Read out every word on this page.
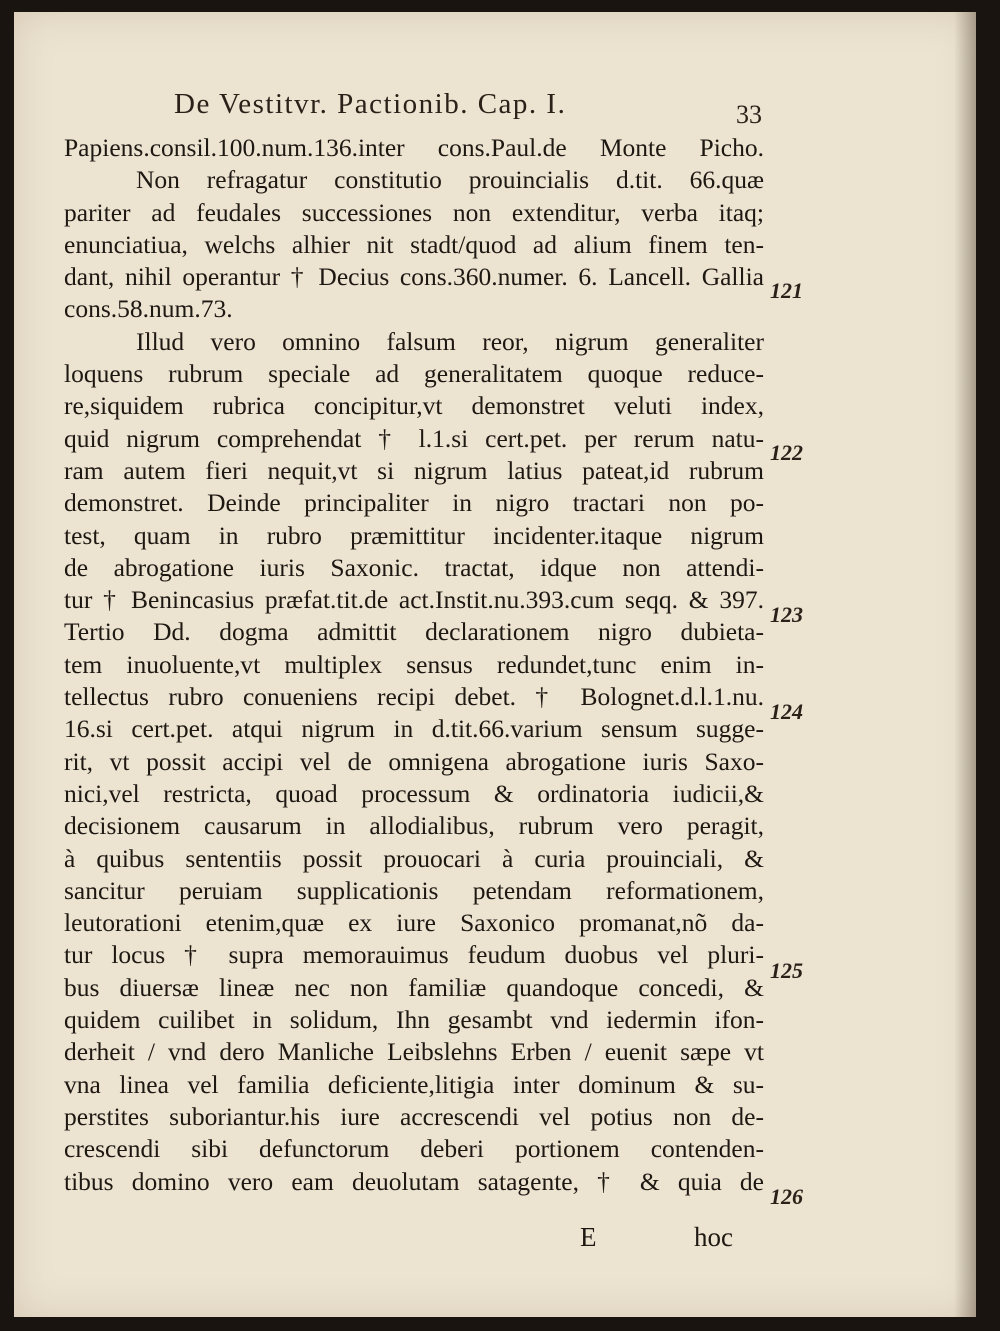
De Vestitvr. Pactionib. Cap. I.	33
Papiens.consil.100.num.136.inter cons.Paul.de Monte Picho.
Non refragatur constitutio prouincialis d.tit. 66.quæ
pariter ad feudales successiones non extenditur, verba itaq;
enunciatiua, welchs alhier nit stadt/quod ad alium finem ten-
dant, nihil operantur † Decius cons.360.numer. 6. Lancell. Gallia
cons.58.num.73.
Illud vero omnino falsum reor, nigrum generaliter
loquens rubrum speciale ad generalitatem quoque reduce-
re,siquidem rubrica concipitur,vt demonstret veluti index,
quid nigrum comprehendat † l.1.si cert.pet. per rerum natu-
ram autem fieri nequit,vt si nigrum latius pateat,id rubrum
demonstret. Deinde principaliter in nigro tractari non po-
test, quam in rubro præmittitur incidenter.itaque nigrum
de abrogatione iuris Saxonic. tractat, idque non attendi-
tur † Benincasius præfat.tit.de act.Instit.nu.393.cum seqq. & 397.
Tertio Dd. dogma admittit declarationem nigro dubieta-
tem inuoluente,vt multiplex sensus redundet,tunc enim in-
tellectus rubro conueniens recipi debet. † Bolognet.d.l.1.nu.
16.si cert.pet. atqui nigrum in d.tit.66.varium sensum sugge-
rit, vt possit accipi vel de omnigena abrogatione iuris Saxo-
nici,vel restricta, quoad processum & ordinatoria iudicii,&
decisionem causarum in allodialibus, rubrum vero peragit,
à quibus sententiis possit prouocari à curia prouinciali, &
sancitur peruiam supplicationis petendam reformationem,
leutorationi etenim,quæ ex iure Saxonico promanat,nõ da-
tur locus † supra memorauimus feudum duobus vel pluri-
bus diuersæ lineæ nec non familiæ quandoque concedi, &
quidem cuilibet in solidum, Ihn gesambt vnd iedermin ifon-
derheit / vnd dero Manliche Leibslehns Erben / euenit sæpe vt
vna linea vel familia deficiente,litigia inter dominum & su-
perstites suboriantur.his iure accrescendi vel potius non de-
crescendi sibi defunctorum deberi portionem contenden-
tibus domino vero eam deuolutam satagente, † & quia de
121
122
123
124
125
126
E	hoc
